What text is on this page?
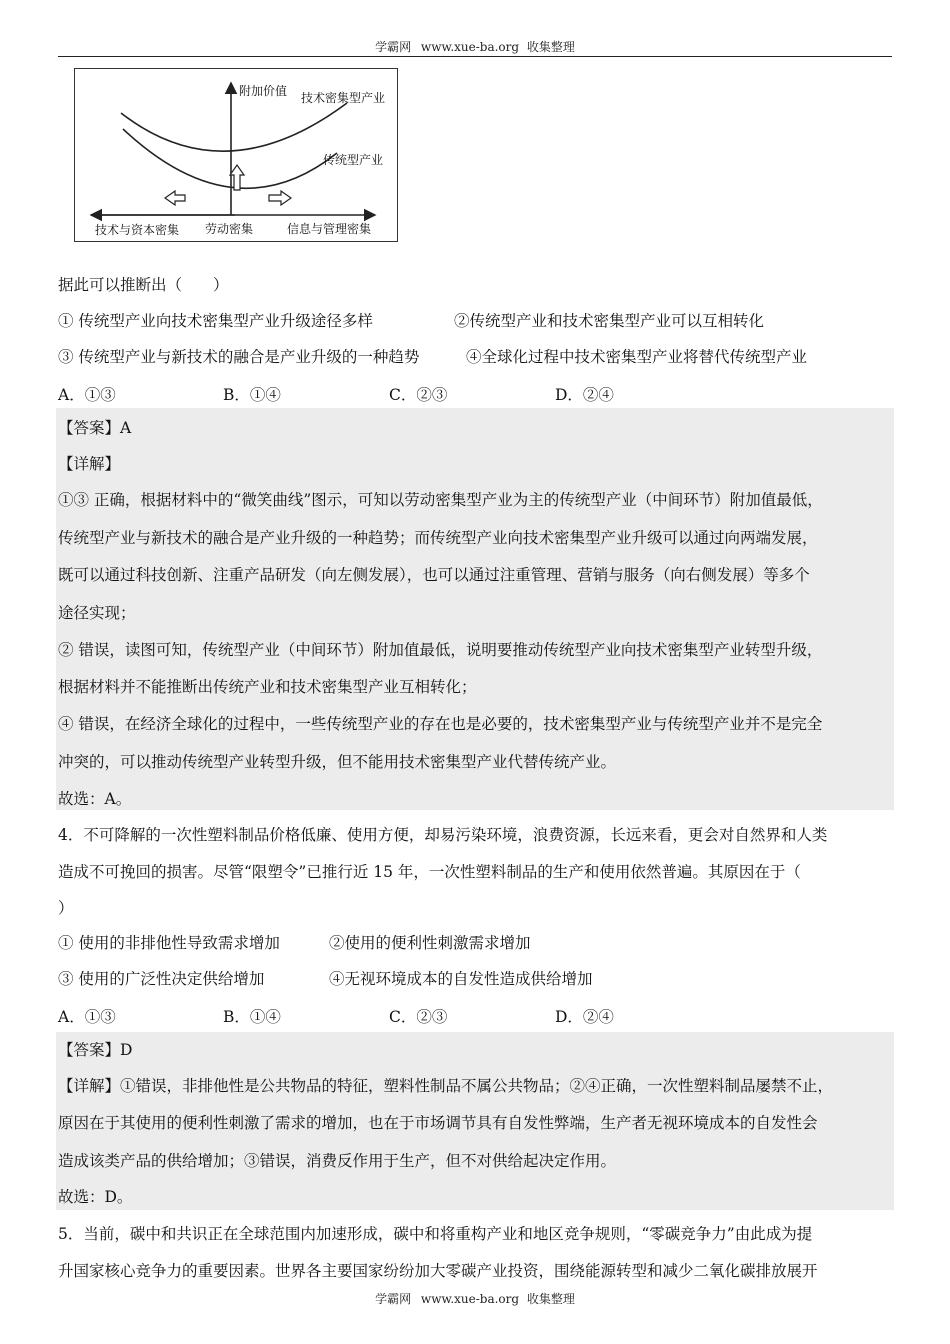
学霸网 www.xue-ba.org 收集整理
附加价值 技术密集型产业
传统型产业
技术与资本密集 劳动密集	信息与管理密集
据此可以推断出（　　）
① 传统型产业向技术密集型产业升级途径多样	②传统型产业和技术密集型产业可以互相转化
③ 传统型产业与新技术的融合是产业升级的一种趋势	④全球化过程中技术密集型产业将替代传统型产业
A．①③	B．①④	C．②③	D．②④
【答案】A
【详解】
①③ 正确，根据材料中的“微笑曲线”图示，可知以劳动密集型产业为主的传统型产业（中间环节）附加值最低，
传统型产业与新技术的融合是产业升级的一种趋势；而传统型产业向技术密集型产业升级可以通过向两端发展，
既可以通过科技创新、注重产品研发（向左侧发展），也可以通过注重管理、营销与服务（向右侧发展）等多个
途径实现；
② 错误，读图可知，传统型产业（中间环节）附加值最低，说明要推动传统型产业向技术密集型产业转型升级，
根据材料并不能推断出传统产业和技术密集型产业互相转化；
④ 错误，在经济全球化的过程中，一些传统型产业的存在也是必要的，技术密集型产业与传统型产业并不是完全
冲突的，可以推动传统型产业转型升级，但不能用技术密集型产业代替传统产业。
故选：A。
4．不可降解的一次性塑料制品价格低廉、使用方便，却易污染环境，浪费资源，长远来看，更会对自然界和人类
造成不可挽回的损害。尽管“限塑令”已推行近 15 年，一次性塑料制品的生产和使用依然普遍。其原因在于（
）
① 使用的非排他性导致需求增加	②使用的便利性刺激需求增加
③ 使用的广泛性决定供给增加	④无视环境成本的自发性造成供给增加
A．①③	B．①④	C．②③	D．②④
【答案】D
【详解】①错误，非排他性是公共物品的特征，塑料性制品不属公共物品；②④正确，一次性塑料制品屡禁不止，
原因在于其使用的便利性刺激了需求的增加，也在于市场调节具有自发性弊端，生产者无视环境成本的自发性会
造成该类产品的供给增加；③错误，消费反作用于生产，但不对供给起决定作用。
故选：D。
5．当前，碳中和共识正在全球范围内加速形成，碳中和将重构产业和地区竞争规则，“零碳竞争力”由此成为提
升国家核心竞争力的重要因素。世界各主要国家纷纷加大零碳产业投资，围绕能源转型和减少二氧化碳排放展开
学霸网 www.xue-ba.org 收集整理
